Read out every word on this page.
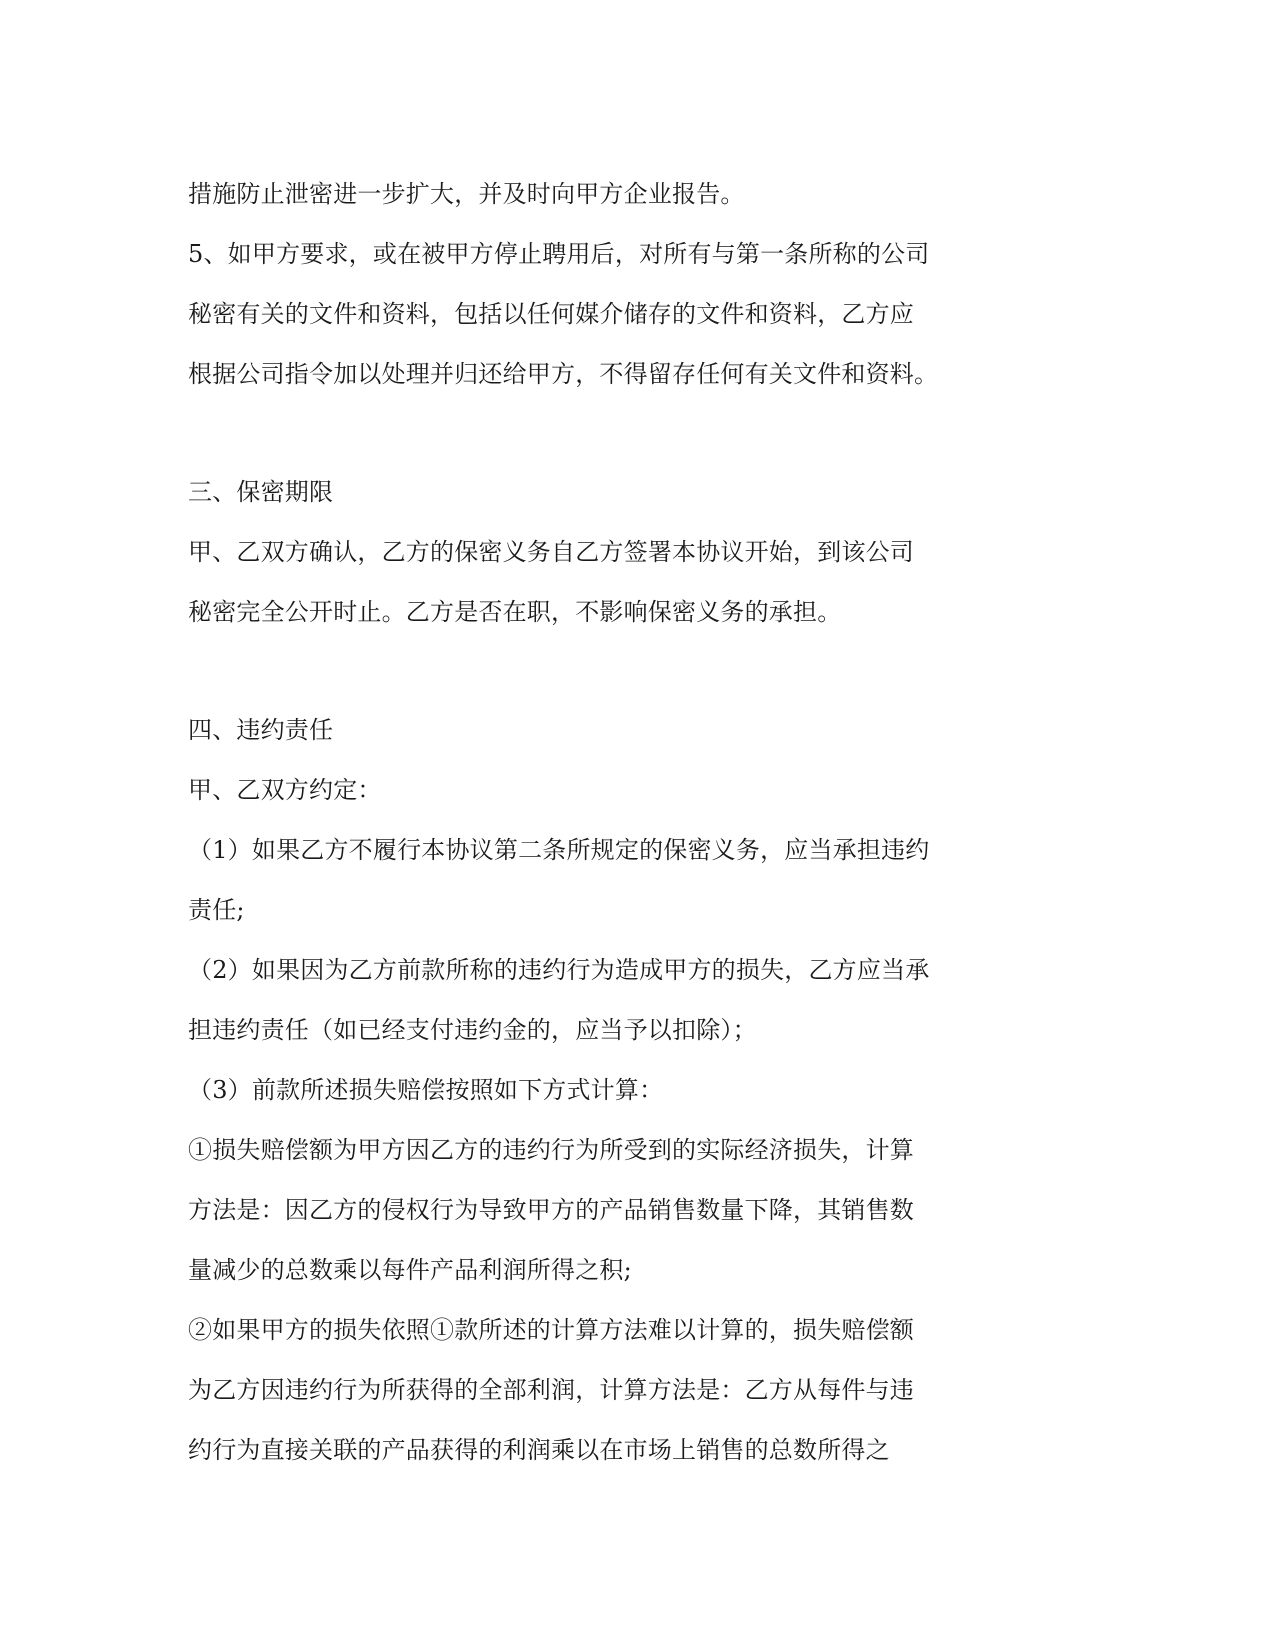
措施防止泄密进一步扩大，并及时向甲方企业报告。
5、如甲方要求，或在被甲方停止聘用后，对所有与第一条所称的公司
秘密有关的文件和资料，包括以任何媒介储存的文件和资料，乙方应
根据公司指令加以处理并归还给甲方，不得留存任何有关文件和资料。
三、保密期限
甲、乙双方确认，乙方的保密义务自乙方签署本协议开始，到该公司
秘密完全公开时止。乙方是否在职，不影响保密义务的承担。
四、违约责任
甲、乙双方约定：
（1）如果乙方不履行本协议第二条所规定的保密义务，应当承担违约
责任;
（2）如果因为乙方前款所称的违约行为造成甲方的损失，乙方应当承
担违约责任（如已经支付违约金的，应当予以扣除）；
（3）前款所述损失赔偿按照如下方式计算：
①损失赔偿额为甲方因乙方的违约行为所受到的实际经济损失，计算
方法是：因乙方的侵权行为导致甲方的产品销售数量下降，其销售数
量减少的总数乘以每件产品利润所得之积;
②如果甲方的损失依照①款所述的计算方法难以计算的，损失赔偿额
为乙方因违约行为所获得的全部利润，计算方法是：乙方从每件与违
约行为直接关联的产品获得的利润乘以在市场上销售的总数所得之
